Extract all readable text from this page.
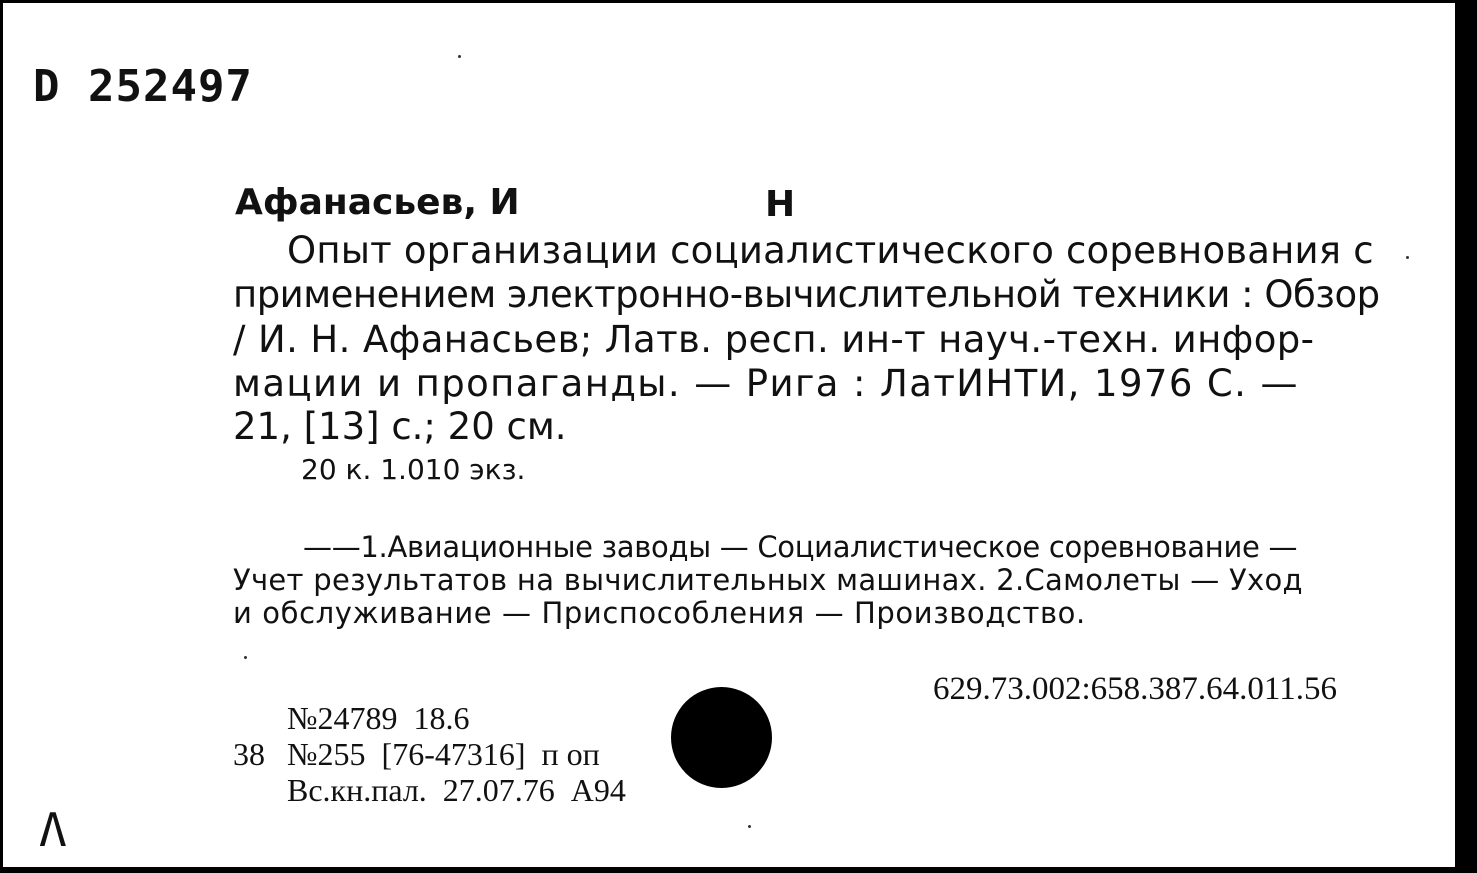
D 252497
Афанасьев, И	Н
Опыт организации социалистического соревнования с
применением электронно-вычислительной техники : Обзор
/ И. Н. Афанасьев; Латв. респ. ин-т науч.-техн. инфор-
мации и пропаганды. — Рига : ЛатИНТИ, 1976 С. —
21, [13] с.; 20 см.
20 к. 1.010 экз.
——1.Авиационные заводы — Социалистическое соревнование —
Учет результатов на вычислительных машинах. 2.Самолеты — Уход
и обслуживание — Приспособления — Производство.
629.73.002:658.387.64.011.56
№24789  18.6
38 №255  [76-47316]  п оп
Вс.кн.пал.  27.07.76  А94
Λ
